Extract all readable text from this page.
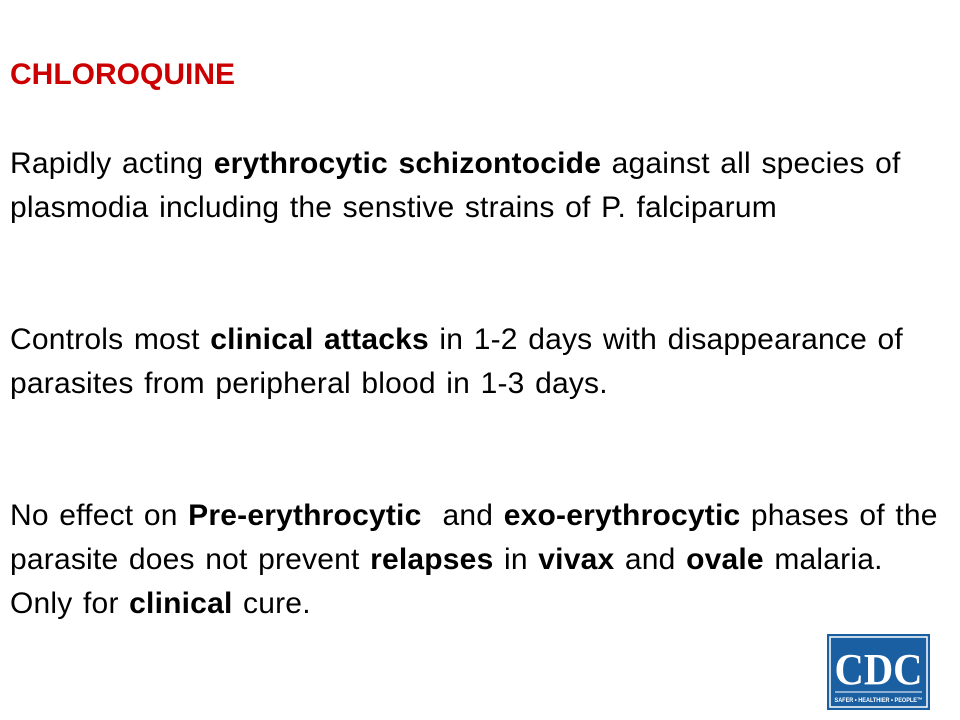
CHLOROQUINE

Rapidly acting erythrocytic schizontocide against all species of plasmodia including the senstive strains of P. falciparum

Controls most clinical attacks in 1-2 days with disappearance of parasites from peripheral blood in 1-3 days.

No effect on Pre-erythrocytic  and exo-erythrocytic phases of the parasite does not prevent relapses in vivax and ovale malaria.
Only for clinical cure.

CDC
SAFER • HEALTHIER • PEOPLE™
